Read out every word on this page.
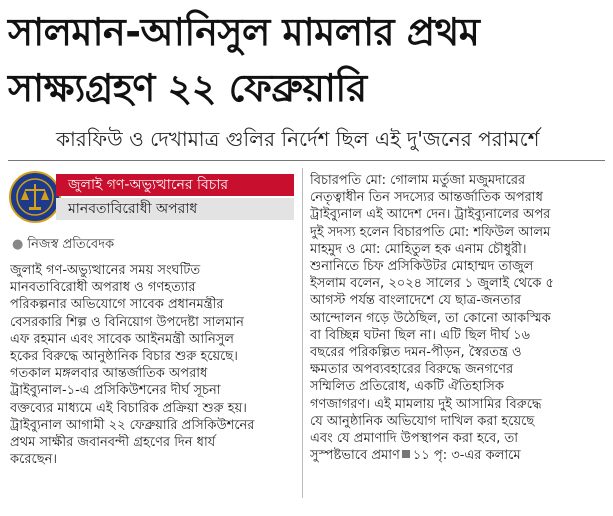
সালমান-আনিসুল মামলার প্রথম
সাক্ষ্যগ্রহণ ২২ ফেব্রুয়ারি
কারফিউ ও দেখামাত্র গুলির নির্দেশ ছিল এই দু'জনের পরামর্শে
জুলাই গণ-অভ্যুত্থানের বিচার
মানবতাবিরোধী অপরাধ
● নিজস্ব প্রতিবেদক
জুলাই গণ-অভ্যুত্থানের সময় সংঘটিত
মানবতাবিরোধী অপরাধ ও গণহত্যার
পরিকল্পনার অভিযোগে সাবেক প্রধানমন্ত্রীর
বেসরকারি শিল্প ও বিনিয়োগ উপদেষ্টা সালমান
এফ রহমান এবং সাবেক আইনমন্ত্রী আনিসুল
হকের বিরুদ্ধে আনুষ্ঠানিক বিচার শুরু হয়েছে।
গতকাল মঙ্গলবার আন্তর্জাতিক অপরাধ
ট্রাইব্যুনাল-১-এ প্রসিকিউশনের দীর্ঘ সূচনা
বক্তব্যের মাধ্যমে এই বিচারিক প্রক্রিয়া শুরু হয়।
ট্রাইব্যুনাল আগামী ২২ ফেব্রুয়ারি প্রসিকিউশনের
প্রথম সাক্ষীর জবানবন্দী গ্রহণের দিন ধার্য
করেছেন।
বিচারপতি মো: গোলাম মর্তুজা মজুমদারের
নেতৃত্বাধীন তিন সদস্যের আন্তর্জাতিক অপরাধ
ট্রাইব্যুনাল এই আদেশ দেন। ট্রাইব্যুনালের অপর
দুই সদস্য হলেন বিচারপতি মো: শফিউল আলম
মাহমুদ ও মো: মোহিতুল হক এনাম চৌধুরী।
শুনানিতে চিফ প্রসিকিউটর মোহাম্মদ তাজুল
ইসলাম বলেন, ২০২৪ সালের ১ জুলাই থেকে ৫
আগস্ট পর্যন্ত বাংলাদেশে যে ছাত্র-জনতার
আন্দোলন গড়ে উঠেছিল, তা কোনো আকস্মিক
বা বিচ্ছিন্ন ঘটনা ছিল না। এটি ছিল দীর্ঘ ১৬
বছরের পরিকল্পিত দমন-পীড়ন, স্বৈরতন্ত্র ও
ক্ষমতার অপব্যবহারের বিরুদ্ধে জনগণের
সম্মিলিত প্রতিরোধ, একটি ঐতিহাসিক
গণজাগরণ। এই মামলায় দুই আসামির বিরুদ্ধে
যে আনুষ্ঠানিক অভিযোগ দাখিল করা হয়েছে
এবং যে প্রমাণাদি উপস্থাপন করা হবে, তা
সুস্পষ্টভাবে প্রমাণ ১১ পৃ: ৩-এর কলামে
